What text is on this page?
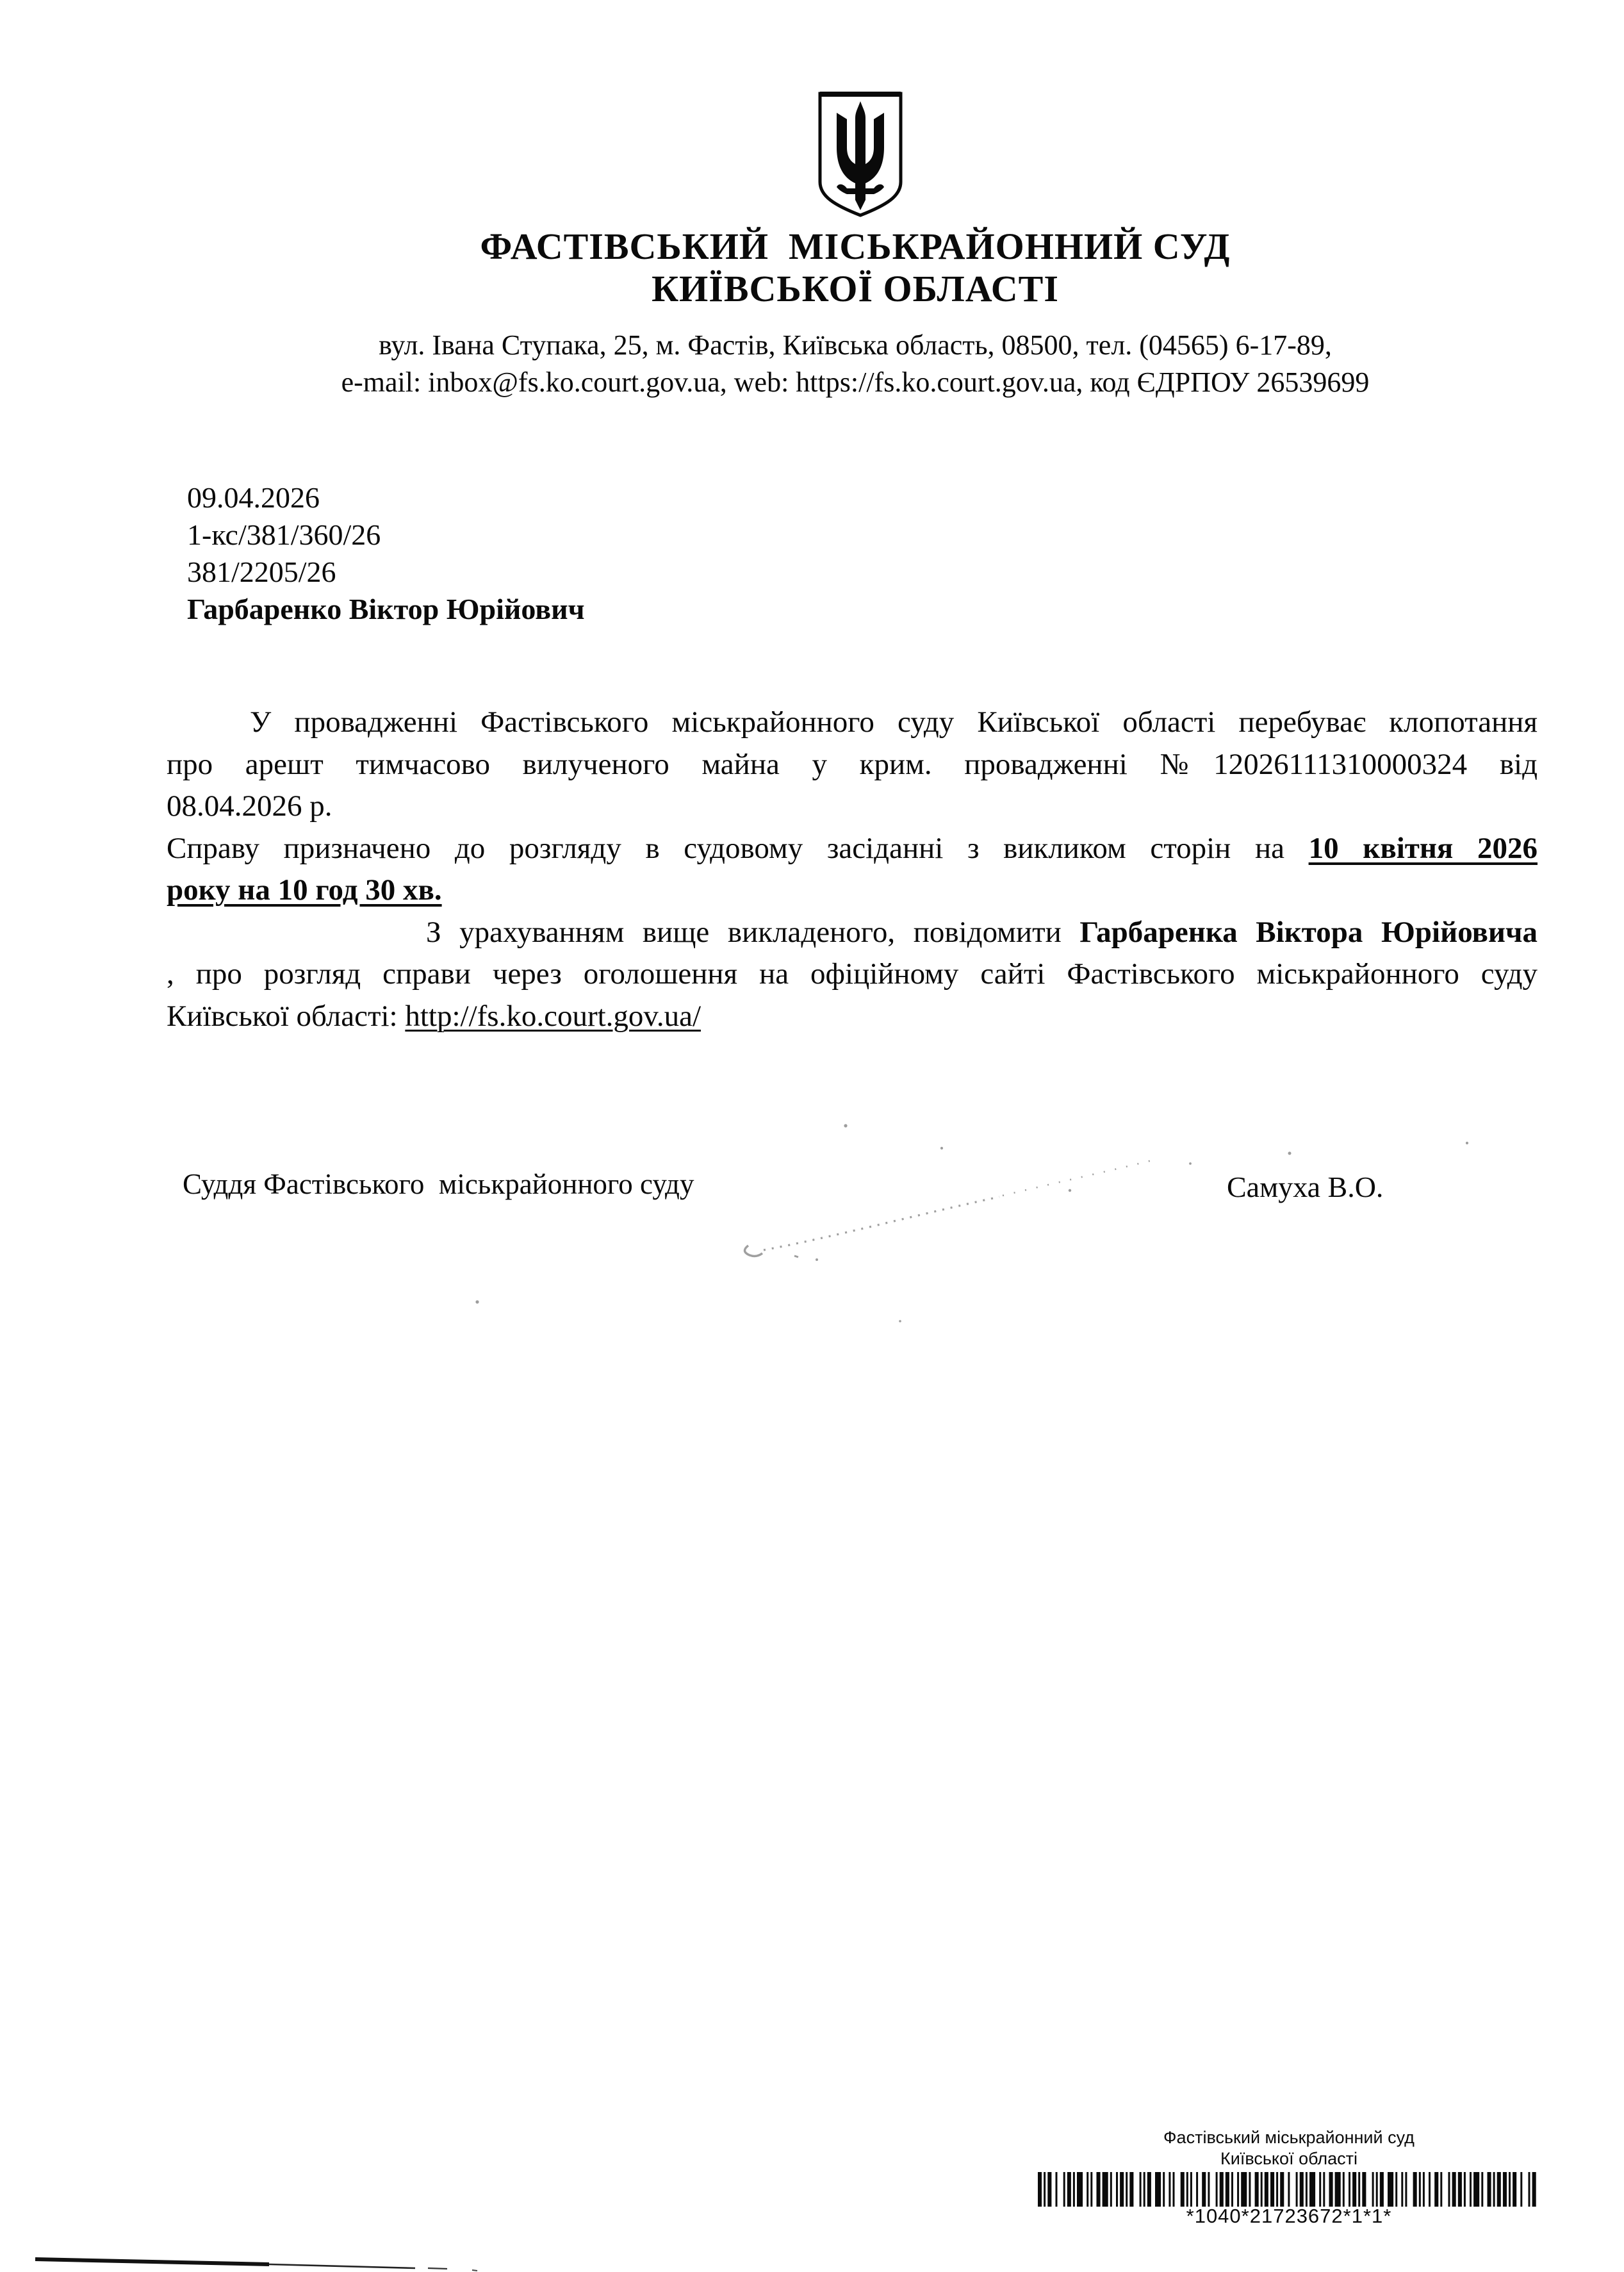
ФАСТІВСЬКИЙ  МІСЬКРАЙОННИЙ СУД
КИЇВСЬКОЇ ОБЛАСТІ
вул. Івана Ступака, 25, м. Фастів, Київська область, 08500, тел. (04565) 6-17-89,
e-mail: inbox@fs.ko.court.gov.ua, web: https://fs.ko.court.gov.ua, код ЄДРПОУ 26539699
09.04.2026
1-кс/381/360/26
381/2205/26
Гарбаренко Віктор Юрійович
У провадженні Фастівського міськрайонного суду Київської області перебуває клопотання
про арешт тимчасово вилученого майна у крим. провадженні №12026111310000324 від
08.04.2026 р.
Справу призначено до розгляду в судовому засіданні з викликом сторін на 10 квітня 2026
року на 10 год 30 хв.
З урахуванням вище викладеного, повідомити Гарбаренка Віктора Юрійовича
, про розгляд справи через оголошення на офіційному сайті Фастівського міськрайонного суду
Київської області: http://fs.ko.court.gov.ua/
Суддя Фастівського  міськрайонного суду	Самуха В.О.
Фастівський міськрайонний суд
Київської області
*1040*21723672*1*1*
